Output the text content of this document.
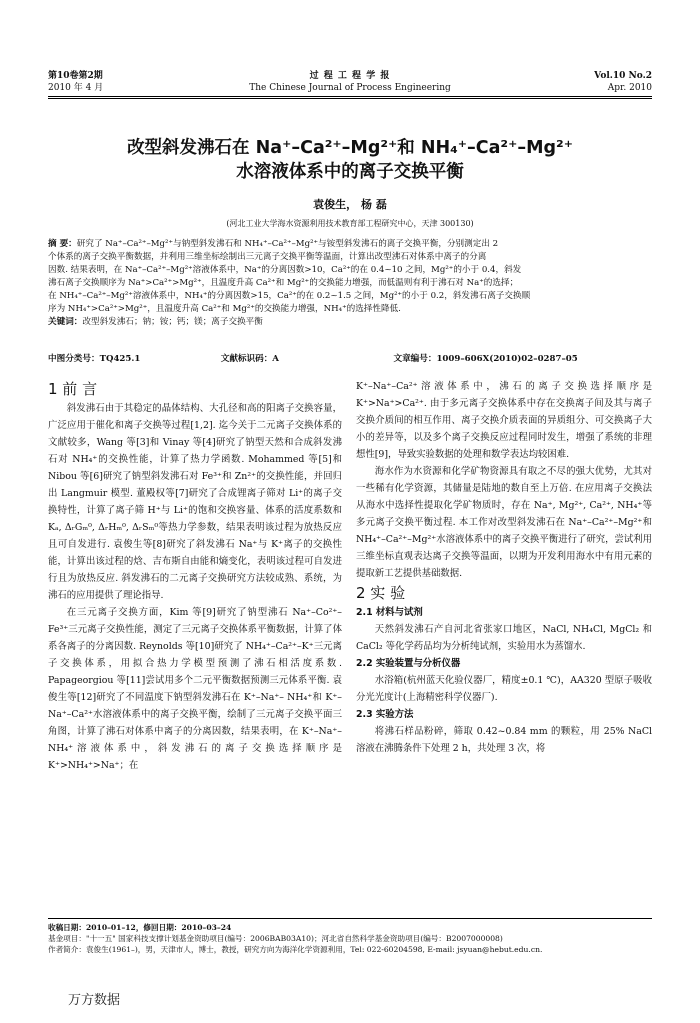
第10卷第2期
2010 年 4 月
过 程 工 程 学 报
The Chinese Journal of Process Engineering
Vol.10 No.2
Apr. 2010
改型斜发沸石在 Na⁺–Ca²⁺–Mg²⁺和 NH₄⁺–Ca²⁺–Mg²⁺
水溶液体系中的离子交换平衡
袁俊生， 杨 磊
(河北工业大学海水资源利用技术教育部工程研究中心，天津 300130)

摘 要：研究了 Na⁺–Ca²⁺–Mg²⁺与钠型斜发沸石和 NH₄⁺–Ca²⁺–Mg²⁺与铵型斜发沸石的离子交换平衡，分别测定出 2

个体系的离子交换平衡数据，并利用三维坐标绘制出三元离子交换平衡等温面，计算出改型沸石对体系中离子的分离

因数. 结果表明，在 Na⁺–Ca²⁺–Mg²⁺溶液体系中，Na⁺的分离因数>10，Ca²⁺的在 0.4~10 之间，Mg²⁺的小于 0.4，斜发

沸石离子交换顺序为 Na⁺>Ca²⁺>Mg²⁺，且温度升高 Ca²⁺和 Mg²⁺的交换能力增强，而低温则有利于沸石对 Na⁺的选择；

在 NH₄⁺–Ca²⁺–Mg²⁺溶液体系中，NH₄⁺的分离因数>15，Ca²⁺的在 0.2~1.5 之间，Mg²⁺的小于 0.2，斜发沸石离子交换顺

序为 NH₄⁺>Ca²⁺>Mg²⁺，且温度升高 Ca²⁺和 Mg²⁺的交换能力增强，NH₄⁺的选择性降低.

关键词：改型斜发沸石；钠；铵；钙；镁；离子交换平衡

中图分类号：TQ425.1	文献标识码：A	文章编号：1009–606X(2010)02–0287–05

1 前 言

斜发沸石由于其稳定的晶体结构、大孔径和高的阳离子交换容量，广泛应用于催化和离子交换等过程[1,2]. 迄今关于二元离子交换体系的文献较多，Wang 等[3]和 Vinay 等[4]研究了钠型天然和合成斜发沸石对 NH₄⁺的交换性能，计算了热力学函数. Mohammed 等[5]和 Nibou 等[6]研究了钠型斜发沸石对 Fe³⁺和 Zn²⁺的交换性能，并回归出 Langmuir 模型. 董殿权等[7]研究了合成锂离子筛对 Li⁺的离子交换特性，计算了离子筛 H⁺与 Li⁺的饱和交换容量、体系的活度系数和 Kₐ, ΔᵣGₘ⁰, ΔᵣHₘ⁰, ΔᵣSₘ⁰等热力学参数，结果表明该过程为放热反应且可自发进行. 袁俊生等[8]研究了斜发沸石 Na⁺与 K⁺离子的交换性能，计算出该过程的焓、吉布斯自由能和熵变化，表明该过程可自发进行且为放热反应. 斜发沸石的二元离子交换研究方法较成熟、系统，为沸石的应用提供了理论指导.

在三元离子交换方面，Kim 等[9]研究了钠型沸石 Na⁺–Co²⁺–Fe³⁺三元离子交换性能，测定了三元离子交换体系平衡数据，计算了体系各离子的分离因数. Reynolds 等[10]研究了 NH₄⁺–Ca²⁺–K⁺三元离子交换体系，用拟合热力学模型预测了沸石相活度系数. Papageorgiou 等[11]尝试用多个二元平衡数据预测三元体系平衡. 袁俊生等[12]研究了不同温度下钠型斜发沸石在 K⁺–Na⁺– NH₄⁺和 K⁺–Na⁺–Ca²⁺水溶液体系中的离子交换平衡，绘制了三元离子交换平面三角图，计算了沸石对体系中离子的分离因数，结果表明，在 K⁺–Na⁺–NH₄⁺溶液体系中，斜发沸石的离子交换选择顺序是 K⁺>NH₄⁺>Na⁺；在

K⁺–Na⁺–Ca²⁺溶液体系中，沸石的离子交换选择顺序是 K⁺>Na⁺>Ca²⁺. 由于多元离子交换体系中存在交换离子间及其与离子交换介质间的相互作用、离子交换介质表面的异质组分、可交换离子大小的差异等，以及多个离子交换反应过程同时发生，增强了系统的非理想性[9]，导致实验数据的处理和数学表达均较困难.

海水作为水资源和化学矿物资源具有取之不尽的强大优势，尤其对一些稀有化学资源，其储量是陆地的数自至上万倍. 在应用离子交换法从海水中选择性提取化学矿物质时，存在 Na⁺, Mg²⁺, Ca²⁺, NH₄⁺等多元离子交换平衡过程. 本工作对改型斜发沸石在 Na⁺–Ca²⁺–Mg²⁺和 NH₄⁺–Ca²⁺–Mg²⁺水溶液体系中的离子交换平衡进行了研究，尝试利用三维坐标直观表达离子交换等温面，以期为开发利用海水中有用元素的提取新工艺提供基础数据.

2 实 验

2.1 材料与试剂

天然斜发沸石产自河北省张家口地区，NaCl, NH₄Cl, MgCl₂ 和 CaCl₂ 等化学药品均为分析纯试剂，实验用水为蒸馏水.

2.2 实验装置与分析仪器

水浴箱(杭州蓝天化验仪器厂，精度±0.1 ℃)，AA320 型原子吸收分光光度计(上海精密科学仪器厂).

2.3 实验方法

将沸石样品粉碎，筛取 0.42~0.84 mm 的颗粒，用 25% NaCl 溶液在沸腾条件下处理 2 h，共处理 3 次，将

收稿日期：2010–01–12，修回日期：2010–03–24

基金项目："十一五" 国家科技支撑计划基金资助项目(编号：2006BAB03A10)；河北省自然科学基金资助项目(编号：B2007000008)

作者简介：袁俊生(1961–)，男，天津市人，博士，教授，研究方向为海洋化学资源利用，Tel: 022-60204598, E-mail: jsyuan@hebut.edu.cn.

万方数据
